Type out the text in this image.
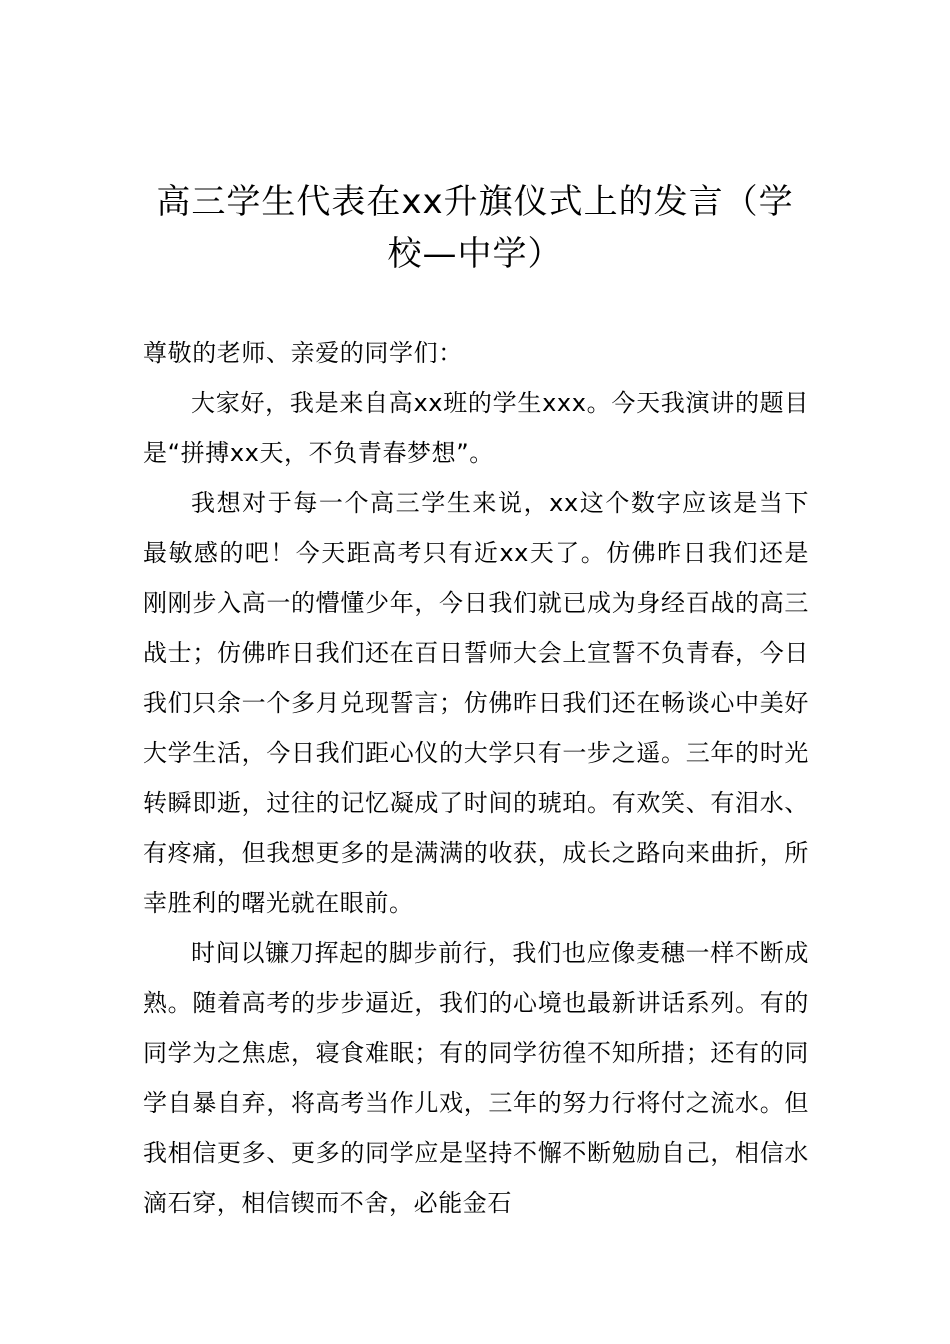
高三学生代表在xx升旗仪式上的发言（学校—中学）

尊敬的老师、亲爱的同学们：

大家好，我是来自高xx班的学生xxx。今天我演讲的题目是“拼搏xx天，不负青春梦想”。

我想对于每一个高三学生来说，xx这个数字应该是当下最敏感的吧！今天距高考只有近xx天了。仿佛昨日我们还是刚刚步入高一的懵懂少年，今日我们就已成为身经百战的高三战士；仿佛昨日我们还在百日誓师大会上宣誓不负青春，今日我们只余一个多月兑现誓言；仿佛昨日我们还在畅谈心中美好大学生活，今日我们距心仪的大学只有一步之遥。三年的时光转瞬即逝，过往的记忆凝成了时间的琥珀。有欢笑、有泪水、有疼痛，但我想更多的是满满的收获，成长之路向来曲折，所幸胜利的曙光就在眼前。

时间以镰刀挥起的脚步前行，我们也应像麦穗一样不断成熟。随着高考的步步逼近，我们的心境也最新讲话系列。有的同学为之焦虑，寝食难眠；有的同学彷徨不知所措；还有的同学自暴自弃，将高考当作儿戏，三年的努力行将付之流水。但我相信更多、更多的同学应是坚持不懈不断勉励自己，相信水滴石穿，相信锲而不舍，必能金石
